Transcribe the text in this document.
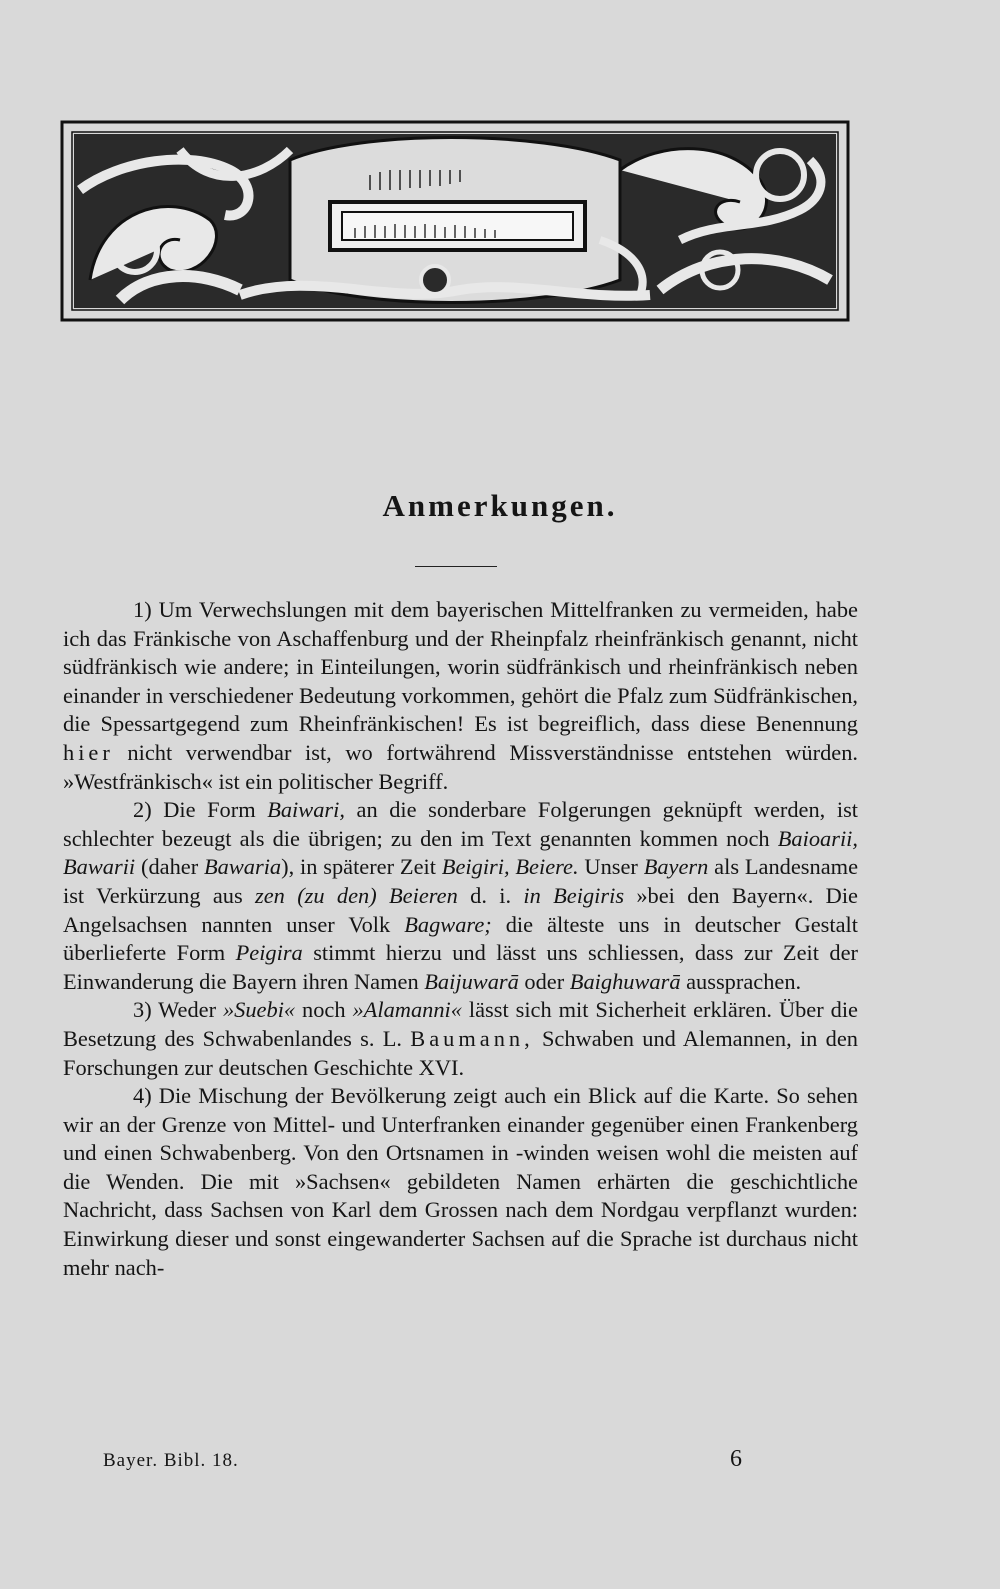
Anmerkungen.

1) Um Verwechslungen mit dem bayerischen Mittelfranken zu vermeiden, habe ich das Fränkische von Aschaffenburg und der Rheinpfalz rheinfränkisch genannt, nicht südfränkisch wie andere; in Einteilungen, worin südfränkisch und rheinfränkisch neben einander in verschiedener Bedeutung vorkommen, gehört die Pfalz zum Südfränkischen, die Spessartgegend zum Rheinfränkischen! Es ist begreiflich, dass diese Benennung hier nicht verwendbar ist, wo fortwährend Missverständnisse entstehen würden. »Westfränkisch« ist ein politischer Begriff.

2) Die Form Baiwari, an die sonderbare Folgerungen geknüpft werden, ist schlechter bezeugt als die übrigen; zu den im Text genannten kommen noch Baioarii, Bawarii (daher Bawaria), in späterer Zeit Beigiri, Beiere. Unser Bayern als Landesname ist Verkürzung aus zen (zu den) Beieren d. i. in Beigiris »bei den Bayern«. Die Angelsachsen nannten unser Volk Bagware; die älteste uns in deutscher Gestalt überlieferte Form Peigira stimmt hierzu und lässt uns schliessen, dass zur Zeit der Einwanderung die Bayern ihren Namen Baijuwarā oder Baighuwarā aussprachen.

3) Weder »Suebi« noch »Alamanni« lässt sich mit Sicherheit erklären. Über die Besetzung des Schwabenlandes s. L. Baumann, Schwaben und Alemannen, in den Forschungen zur deutschen Geschichte XVI.

4) Die Mischung der Bevölkerung zeigt auch ein Blick auf die Karte. So sehen wir an der Grenze von Mittel- und Unterfranken einander gegenüber einen Frankenberg und einen Schwabenberg. Von den Ortsnamen in -winden weisen wohl die meisten auf die Wenden. Die mit »Sachsen« gebildeten Namen erhärten die geschichtliche Nachricht, dass Sachsen von Karl dem Grossen nach dem Nordgau verpflanzt wurden: Einwirkung dieser und sonst eingewanderter Sachsen auf die Sprache ist durchaus nicht mehr nach-

Bayer. Bibl. 18.	6
